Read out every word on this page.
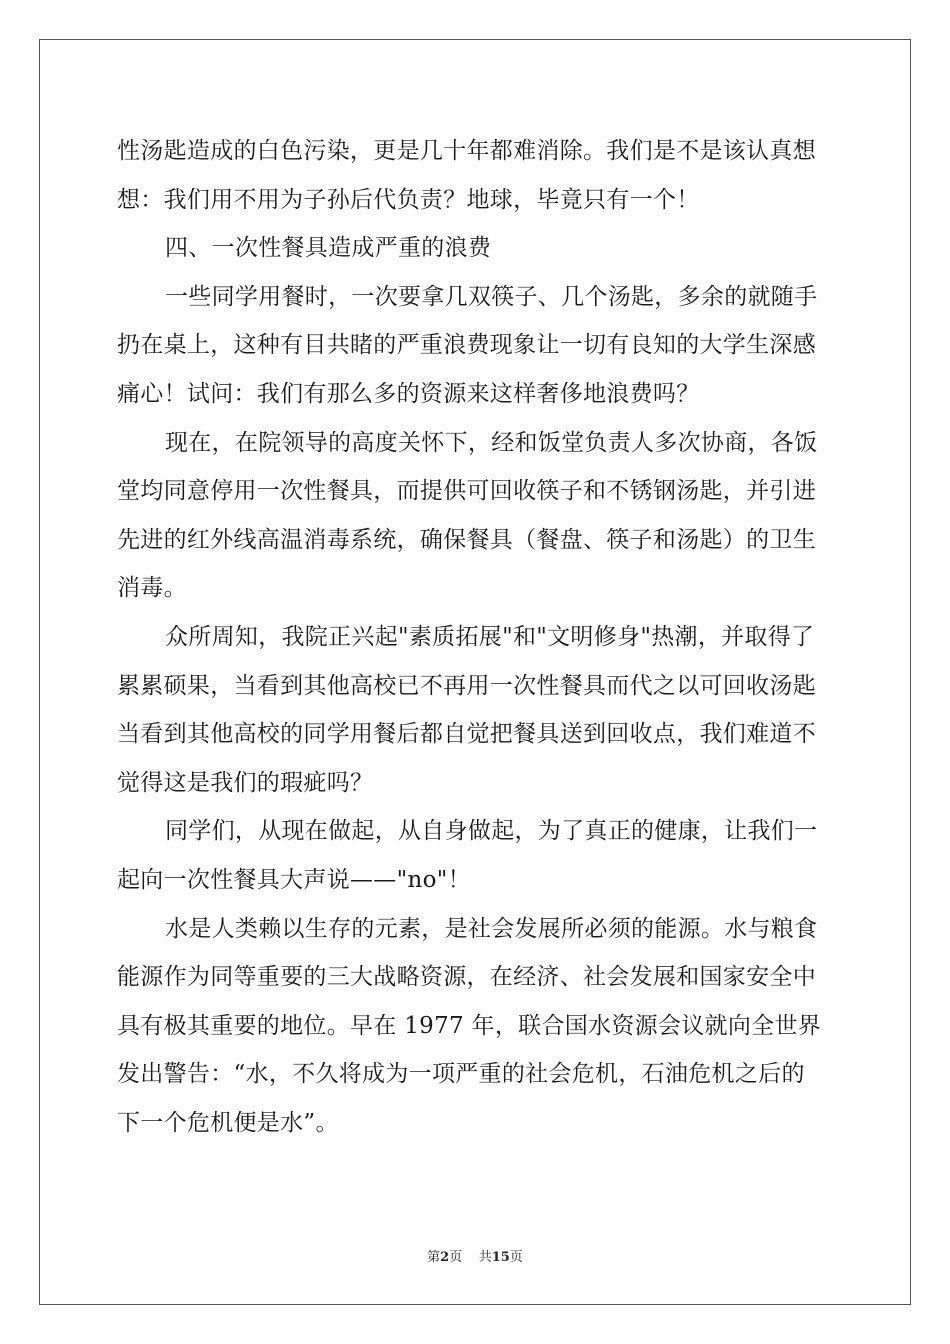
性汤匙造成的白色污染，更是几十年都难消除。我们是不是该认真想
想：我们用不用为子孙后代负责？地球，毕竟只有一个！
四、一次性餐具造成严重的浪费
一些同学用餐时，一次要拿几双筷子、几个汤匙，多余的就随手
扔在桌上，这种有目共睹的严重浪费现象让一切有良知的大学生深感
痛心！试问：我们有那么多的资源来这样奢侈地浪费吗？
现在，在院领导的高度关怀下，经和饭堂负责人多次协商，各饭
堂均同意停用一次性餐具，而提供可回收筷子和不锈钢汤匙，并引进
先进的红外线高温消毒系统，确保餐具（餐盘、筷子和汤匙）的卫生
消毒。
众所周知，我院正兴起"素质拓展"和"文明修身"热潮，并取得了
累累硕果，当看到其他高校已不再用一次性餐具而代之以可回收汤匙
当看到其他高校的同学用餐后都自觉把餐具送到回收点，我们难道不
觉得这是我们的瑕疵吗？
同学们，从现在做起，从自身做起，为了真正的健康，让我们一
起向一次性餐具大声说——"no"！
水是人类赖以生存的元素，是社会发展所必须的能源。水与粮食
能源作为同等重要的三大战略资源，在经济、社会发展和国家安全中
具有极其重要的地位。早在 1977 年，联合国水资源会议就向全世界
发出警告：“水，不久将成为一项严重的社会危机，石油危机之后的
下一个危机便是水”。
第2页 共15页
